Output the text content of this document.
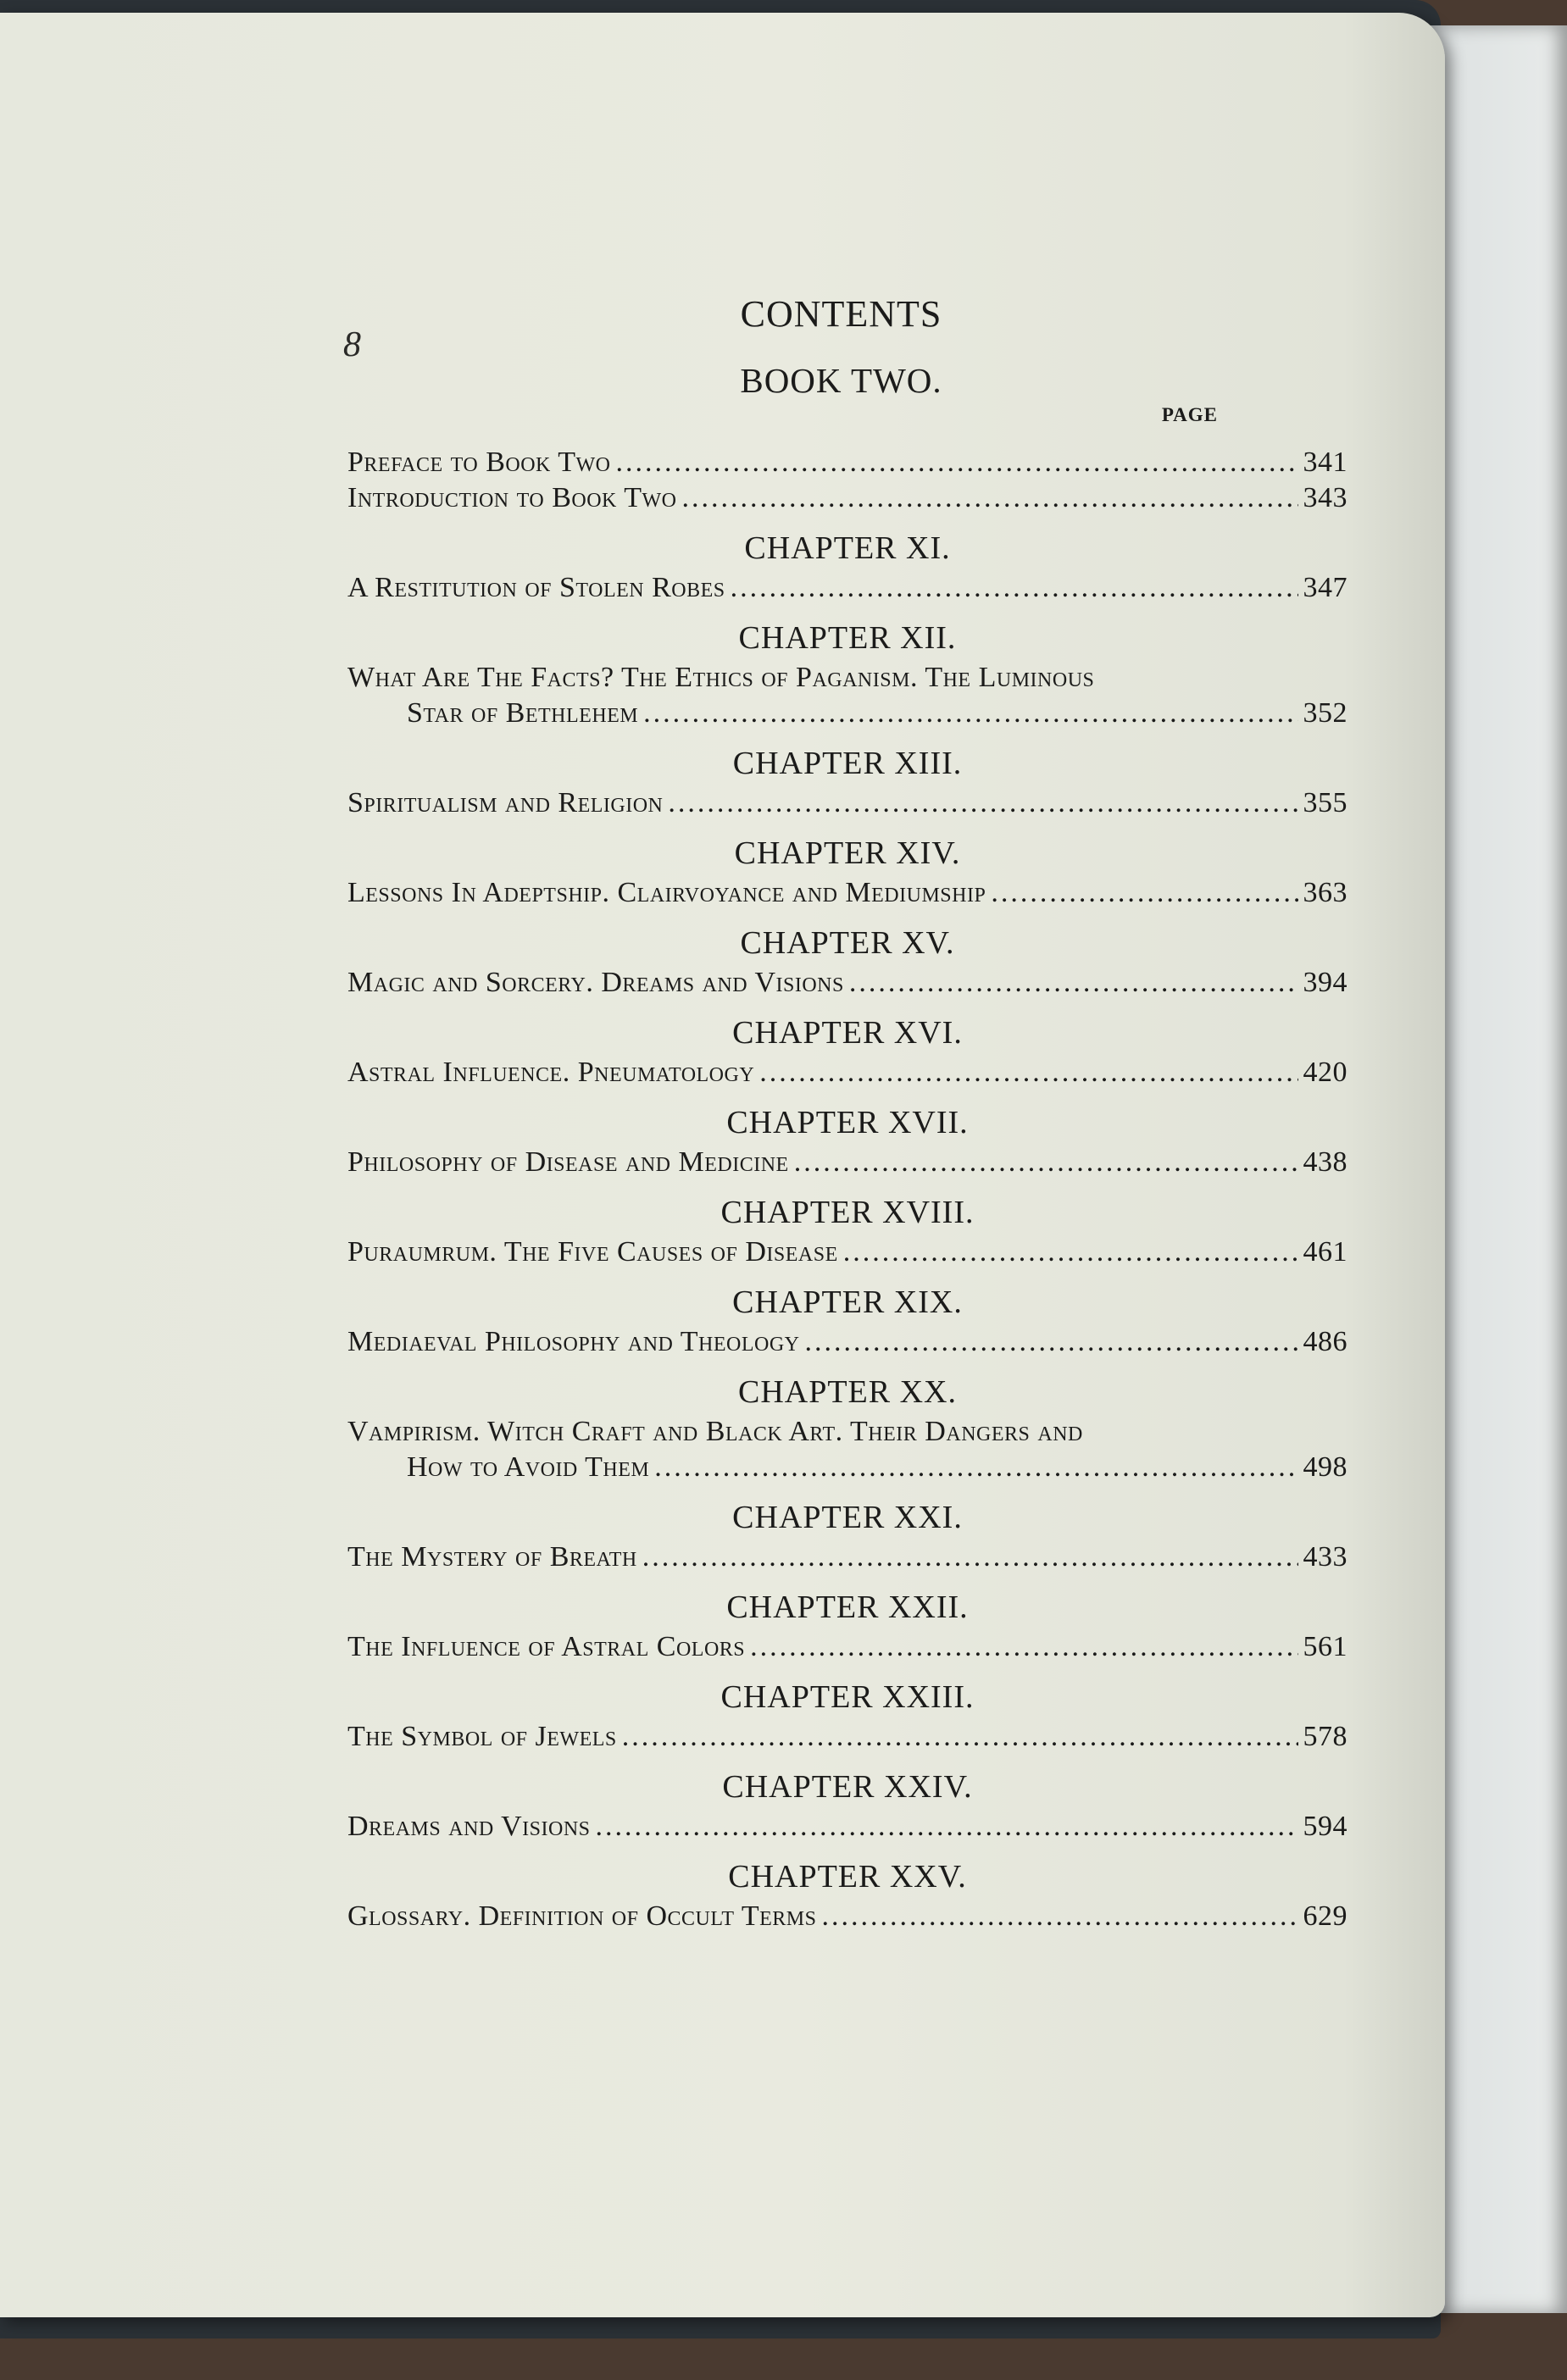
8
CONTENTS
BOOK TWO.
PAGE
Preface to Book Two .....	341
Introduction to Book Two .....	343
CHAPTER XI.
A Restitution of Stolen Robes .....	347
CHAPTER XII.
What Are The Facts? The Ethics of Paganism. The Luminous
Star of Bethlehem .....	352
CHAPTER XIII.
Spiritualism and Religion .....	355
CHAPTER XIV.
Lessons In Adeptship. Clairvoyance and Mediumship .....	363
CHAPTER XV.
Magic and Sorcery. Dreams and Visions .....	394
CHAPTER XVI.
Astral Influence. Pneumatology .....	420
CHAPTER XVII.
Philosophy of Disease and Medicine .....	438
CHAPTER XVIII.
Puraumrum. The Five Causes of Disease .....	461
CHAPTER XIX.
Mediaeval Philosophy and Theology .....	486
CHAPTER XX.
Vampirism. Witch Craft and Black Art. Their Dangers and
How to Avoid Them .....	498
CHAPTER XXI.
The Mystery of Breath .....	433
CHAPTER XXII.
The Influence of Astral Colors .....	561
CHAPTER XXIII.
The Symbol of Jewels .....	578
CHAPTER XXIV.
Dreams and Visions .....	594
CHAPTER XXV.
Glossary. Definition of Occult Terms .....	629
